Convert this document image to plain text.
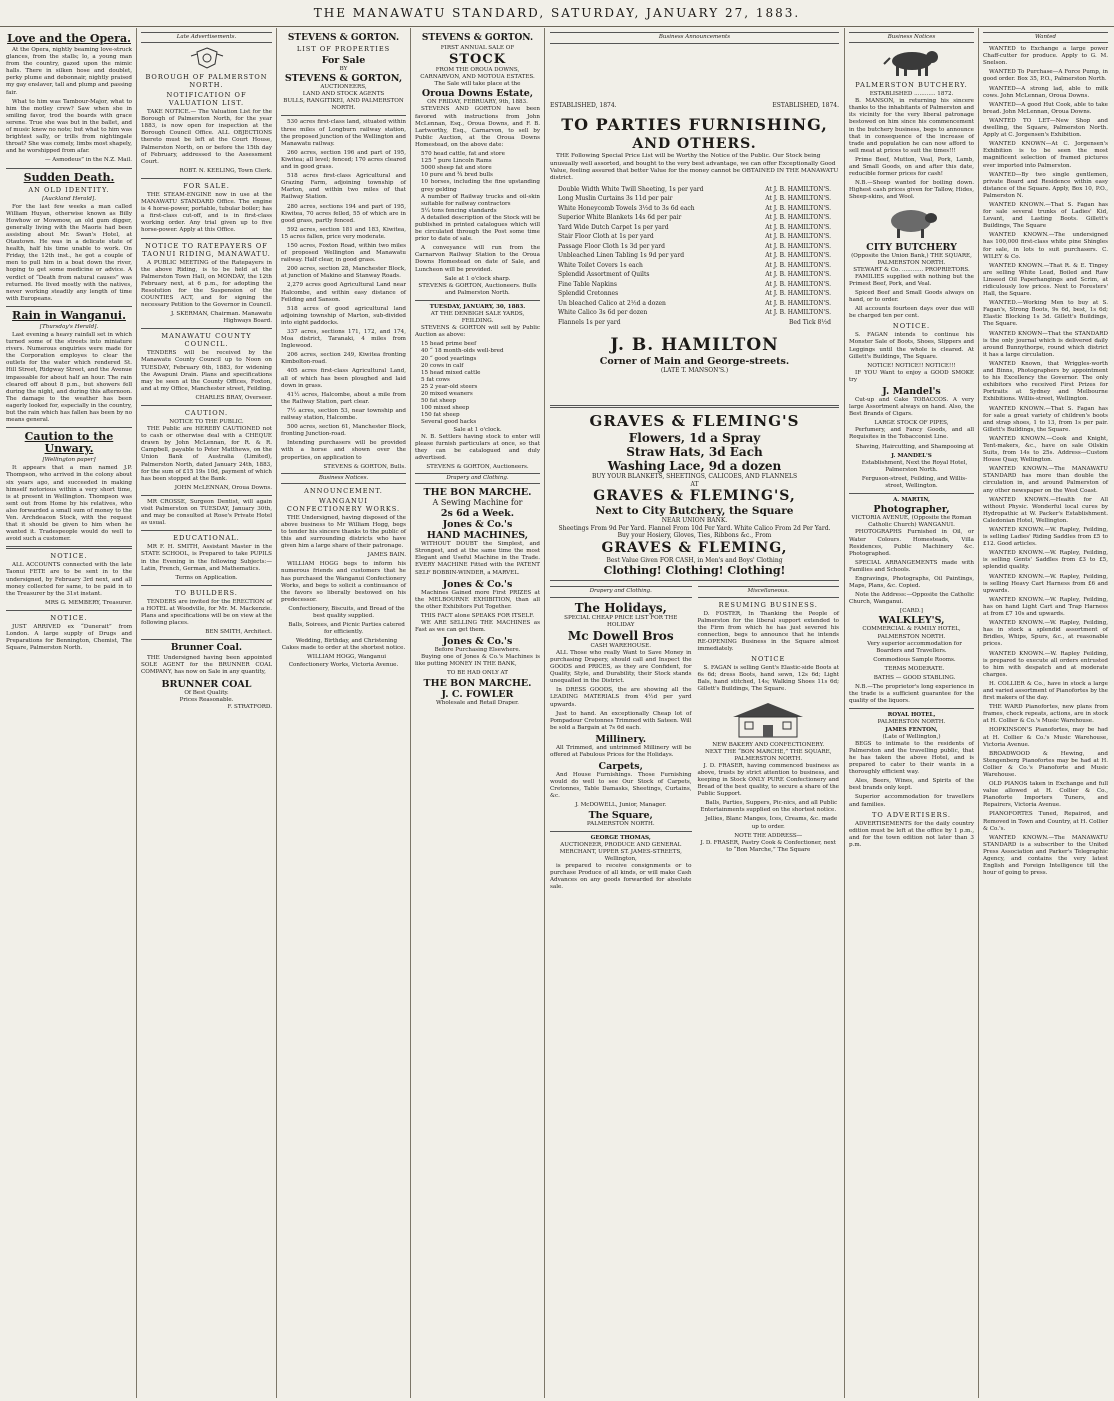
THE MANAWATU STANDARD, SATURDAY, JANUARY 27, 1883.
Love and the Opera.

At the Opera, nightly beaming love-struck glances, from the stalls; lo, a young man from the country, gazed upon the mimic halls. There in silken hose and doublet, perky plume and debonnair, nightly praised my gay enslaver, tall and plump and passing fair.

What to him was Tambour-Major, what to him the motley crew? Saw when she in smiling favor, trod the boards with grace serene. True she was but in the ballet, and of music knew no note; but what to him was brightest sally, or trills from nightingale throat? She was comely, limbs most shapely, and he worshipped from afar.

— Asmodeus” in the N.Z. Mail.

Sudden Death.
AN OLD IDENTITY.
[Auckland Herald].

For the last few weeks a man called William Huyan, otherwise known as Billy Howhow or Mowmow, an old gum digger, generally living with the Maoris had been assisting about Mr. Swan's Hotel, at Otautown. He was in a delicate state of health, half his time unable to work. On Friday, the 12th inst., he got a couple of men to pull him in a boat down the river, hoping to get some medicine or advice. A verdict of “Death from natural causes” was returned. He lived mostly with the natives, never working steadily any length of time with Europeans.

Rain in Wanganui.
[Thursday's Herald].

Last evening a heavy rainfall set in which turned some of the streets into miniature rivers. Numerous enquiries were made for the Corporation employes to clear the outlets for the water which rendered St. Hill Street, Ridgway Street, and the Avenue impassable for about half an hour. The rain cleared off about 8 p.m., but showers fell during the night, and during this afternoon. The damage to the weather has been eagerly looked for, especially in the country, but the rain which has fallen has been by no means general.

Caution to the Unwary.
[Wellington paper]

It appears that a man named J.P. Thompson, who arrived in the colony about six years ago, and succeeded in making himself notorious within a very short time, is at present in Wellington. Thompson was sent out from Home by his relatives, who also forwarded a small sum of money to the Ven. Archdeacon Stock, with the request that it should be given to him when he wanted it. Tradespeople would do well to avoid such a customer.

NOTICE.

ALL ACCOUNTS connected with the late Taonui FETE are to be sent in to the undersigned, by February 3rd next, and all money collected for same, to be paid in to the Treasurer by the 31st instant.

MRS G. MEMBERY, Treasurer.

NOTICE.

JUST ARRIVED ex “Dunerait” from London. A large supply of Drugs and Preparations for Bennington, Chemist, The Square, Palmerston North.

Late Advertisements.
BOROUGH OF PALMERSTON NORTH.
NOTIFICATION OF VALUATION LIST.

TAKE NOTICE.— The Valuation List for the Borough of Palmerston North, for the year 1883, is now open for inspection at the Borough Council Office. ALL OBJECTIONS thereto must be left at the Court House, Palmerston North, on or before the 15th day of February, addressed to the Assessment Court.

ROBT. N. KEELING, Town Clerk.

FOR SALE.

THE STEAM-ENGINE now in use at the MANAWATU STANDARD Office. The engine is 4 horse-power, portable, tubular boiler; has a first-class cut-off, and is in first-class working order. Any trial given up to five horse-power. Apply at this Office.

NOTICE TO RATEPAYERS OF TAONUI RIDING, MANAWATU.

A PUBLIC MEETING of the Ratepayers in the above Riding, is to be held at the Palmerston Town Hall, on MONDAY, the 12th February next, at 6 p.m., for adopting the Resolution for the Suspension of the COUNTIES ACT, and for signing the necessary Petition to the Governor in Council.

J. SKERMAN, Chairman. Manawatu Highways Board.

MANAWATU COUNTY COUNCIL.

TENDERS will be received by the Manawatu County Council up to Noon on TUESDAY, February 6th, 1883, for widening the Awapuni Drain. Plans and specifications may be seen at the County Offices, Foxton, and at my Office, Manchester street, Feilding.

CHARLES BRAY, Overseer.

CAUTION.
NOTICE TO THE PUBLIC.

THE Public are HEREBY CAUTIONED not to cash or otherwise deal with a CHEQUE drawn by John McLennan, for R. & R. Campbell, payable to Peter Matthews, on the Union Bank of Australia (Limited), Palmerston North, dated January 24th, 1883, for the sum of £15 19s 10d, payment of which has been stopped at the Bank.

JOHN McLENNAN, Oroua Downs.

MR CROSSE, Surgeon Dentist, will again visit Palmerston on TUESDAY, January 30th, and may be consulted at Rose's Private Hotel as usual.

EDUCATIONAL.

MR F. H. SMITH, Assistant Master in the STATE SCHOOL, is Prepared to take PUPILS in the Evening in the following Subjects:— Latin, French, German, and Mathematics.

Terms on Application.
TO BUILDERS.

TENDERS are invited for the ERECTION of a HOTEL at Woodville, for Mr. M. Mackenzie. Plans and specifications will be on view at the following places.

BEN SMITH, Architect.

Brunner Coal.

THE Undersigned having been appointed SOLE AGENT for the BRUNNER COAL COMPANY, has now on Sale in any quantity,

BRUNNER COAL
Of Best Quality.
Prices Reasonable.

F. STRATFORD.

STEVENS & GORTON.
LIST OF PROPERTIES
For Sale
BY
STEVENS & GORTON,
AUCTIONEERS,
LAND AND STOCK AGENTS
BULLS, RANGITIKEI, AND PALMERSTON NORTH.

530 acres first-class land, situated within three miles of Longburn railway station, the proposed junction of the Wellington and Manawatu railway.

260 acres, section 196 and part of 195, Kiwitea; all level; fenced; 170 acres cleared and in good grass.

518 acres first-class Agricultural and Grazing Farm, adjoining township of Marton, and within two miles of that Railway Station.

280 acres, sections 194 and part of 195, Kiwitea, 70 acres felled, 55 of which are in good grass, partly fenced.

592 acres, section 181 and 183, Kiwitea, 15 acres fallen, price very moderate.

150 acres, Foxton Road, within two miles of proposed Wellington and Manawatu railway. Half clear, in good grass.

200 acres, section 28, Manchester Block, at junction of Makino and Stanway Roads.

2,279 acres good Agricultural Land near Halcombe, and within easy distance of Feilding and Sanson.

518 acres of good agricultural land adjoining township of Marton, sub-divided into eight paddocks.

337 acres, sections 171, 172, and 174, Moa district, Taranaki, 4 miles from Inglewood.

206 acres, section 249, Kiwitea fronting Kimbolton-road.

405 acres first-class Agricultural Land, all of which has been ploughed and laid down in grass.

41½ acres, Halcombe, about a mile from the Railway Station, part clear.

7½ acres, section 53, near township and railway station, Halcombe.

500 acres, section 61, Manchester Block, fronting Junction-road.

Intending purchasers will be provided with a horse and shown over the properties, on application to

STEVENS & GORTON, Bulls.

Business Notices.
ANNOUNCEMENT.
WANGANUI CONFECTIONERY WORKS.

THE Undersigned, having disposed of the above business to Mr William Hogg, begs to tender his sincere thanks to the public of this and surrounding districts who have given him a large share of their patronage.

JAMES BAIN.

WILLIAM HOGG begs to inform his numerous friends and customers that he has purchased the Wanganui Confectionery Works, and begs to solicit a continuance of the favors so liberally bestowed on his predecessor.

Confectionery, Biscuits, and Bread of the best quality supplied.

Balls, Soirees, and Picnic Parties catered for efficiently.

Wedding, Birthday, and Christening Cakes made to order at the shortest notice.

WILLIAM HOGG, Wanganui Confectionery Works, Victoria Avenue.

STEVENS & GORTON.
FIRST ANNUAL SALE OF
STOCK
FROM THE OROUA DOWNS, CARNARVON, AND MOTOUA ESTATES.
The Sale will take place at the
Oroua Downs Estate,
ON FRIDAY, FEBRUARY, 9th, 1883.

STEVENS AND GORTON have been favored with instructions from John McLennan, Esq., Oroua Downs, and F. B. Lartworthy, Esq., Carnarvon, to sell by Public Auction, at the Oroua Downs Homestead, on the above date:

570 head cattle, fat and store

125 “ pure Lincoln Rams

5000 sheep fat and store

10 pure and ¾ bred bulls

10 horses, including the fine upstanding grey gelding

A number of Railway trucks and oil-skin suitable for railway contractors

5¼ tons fencing standards

A detailed description of the Stock will be published in printed catalogues which will be circulated through the Post some time prior to date of sale.

A conveyance will run from the Carnarvon Railway Station to the Oroua Downs Homestead on date of Sale, and Luncheon will be provided.

Sale at 1 o'clock sharp.
STEVENS & GORTON, Auctioneers. Bulls and Palmerston North.
TUESDAY, JANUARY, 30, 1883.
AT THE DENBIGH SALE YARDS, FEILDING.

STEVENS & GORTON will sell by Public Auction as above:

15 head prime beef

40 “ 18 month-olds well-bred

20 “ good yearlings

20 cows in calf

15 head mixed cattle

5 fat cows

25 2 year-old steers

20 mixed weaners

50 fat sheep

100 mixed sheep

150 fat sheep

Several good hacks

Sale at 1 o'clock.

N. B. Settlers having stock to enter will please furnish particulars at once, so that they can be catalogued and duly advertised.

STEVENS & GORTON, Auctioneers.
Drapery and Clothing.
THE BON MARCHE.
A Sewing Machine for
2s 6d a Week.
Jones & Co.'s
HAND MACHINES,

WITHOUT DOUBT the Simplest, and Strongest, and at the same time the most Elegant and Useful Machine in the Trade. EVERY MACHINE Fitted with the PATENT SELF BOBBIN-WINDER, a MARVEL.

Jones & Co.'s

Machines Gained more First PRIZES at the MELBOURNE EXHIBITION, than all the other Exhibitors Put Together.

THIS FACT alone SPEAKS FOR ITSELF.

WE ARE SELLING THE MACHINES as Fast as we can get them.

Jones & Co.'s
Before Purchasing Elsewhere.

Buying one of Jones & Co.'s Machines is like putting MONEY IN THE BANK,

TO BE HAD ONLY AT
THE BON MARCHE.
J. C. FOWLER
Wholesale and Retail Draper.
Business Announcements
ESTABLISHED, 1874.	ESTABLISHED, 1874.
TO PARTIES FURNISHING,
AND OTHERS.

THE Following Special Price List will be Worthy the Notice of the Public. Our Stock being unusually well assorted, and bought to the very best advantage, we can offer Exceptionally Good Value, feeling assured that better Value for the money cannot be OBTAINED IN THE MANAWATU district.

Double Width White Twill Sheeting, 1s per yard	At J. B. HAMILTON'S.
Long Muslin Curtains 3s 11d per pair	At J. B. HAMILTON'S.
White Honeycomb Towels 3½d to 3s 6d each	At J. B. HAMILTON'S.
Superior White Blankets 14s 6d per pair	At J. B. HAMILTON'S.
Yard Wide Dutch Carpet 1s per yard	At J. B. HAMILTON'S.
Stair Floor Cloth at 1s per yard	At J. B. HAMILTON'S.
Passage Floor Cloth 1s 3d per yard	At J. B. HAMILTON'S.
Unbleached Linen Tabling 1s 9d per yard	At J. B. HAMILTON'S.
White Toilet Covers 1s each	At J. B. HAMILTON'S.
Splendid Assortment of Quilts	At J. B. HAMILTON'S.
Fine Table Napkins	At J. B. HAMILTON'S.
Splendid Cretonnes	At J. B. HAMILTON'S.
Un bleached Calico at 2½d a dozen	At J. B. HAMILTON'S.
White Calico 3s 6d per dozen	At J. B. HAMILTON'S.
Flannels 1s per yard	Bed Tick 8½d
J. B. HAMILTON
Corner of Main and George-streets.
(LATE T. MANSON'S.)
GRAVES & FLEMING'S
Flowers, 1d a Spray
Straw Hats, 3d Each
Washing Lace, 9d a dozen
BUY YOUR BLANKETS, SHEETINGS, CALICOES, AND FLANNELS
AT
GRAVES & FLEMING'S,
Next to City Butchery, the Square
NEAR UNION BANK.
Sheetings From 9d Per Yard. Flannel From 10d Per Yard. White Calico From 2d Per Yard.
Buy your Hosiery, Gloves, Ties, Ribbons &c., From
GRAVES & FLEMING,
Best Value Given FOR CASH, in Men's and Boys' Clothing
Clothing! Clothing! Clothing!
Drapery and Clothing.
The Holidays,
SPECIAL CHEAP PRICE LIST FOR THE HOLIDAY
Mc Dowell Bros
CASH WAREHOUSE.

ALL Those who really Want to Save Money in purchasing Drapery, should call and Inspect the GOODS and PRICES, as they are Confident, for Quality, Style, and Durability, their Stock stands unequalled in the District.

In DRESS GOODS, the are showing all the LEADING MATERIALS from 4½d per yard upwards.

Just to hand. An exceptionally Cheap lot of Pompadour Cretonnes Trimmed with Sateen. Will be sold a Bargain at 7s 6d each.

Millinery.

All Trimmed, and untrimmed Millinery will be offered at Fabulous Prices for the Holidays.

Carpets,

And House Furnishings. Those Furnishing would do well to see Our Stock of Carpets, Cretonnes, Table Damasks, Sheetings, Curtains, &c.

J. McDOWELL, Junior, Manager.
The Square,
PALMERSTON NORTH.
GEORGE THOMAS,
AUCTIONEER, PRODUCE AND GENERAL MERCHANT, UPPER ST. JAMES-STREETS, Wellington,

is prepared to receive consignments or to purchase Produce of all kinds, or will make Cash Advances on any goods forwarded for absolute sale.

Miscellaneous.
RESUMING BUSINESS.

D. FOSTER, In Thanking the People of Palmerston for the liberal support extended to the Firm from which he has just severed his connection, begs to announce that he intends RE-OPENING Business in the Square almost immediately.

NOTICE

S. FAGAN is selling Gent's Elastic-side Boots at 6s 6d; dress Boots, hand sewn, 12s 6d; Light Bals, hand stitched, 14s; Walking Shoes 11s 6d; Gillett's Buildings, The Square.

NEW BAKERY AND CONFECTIONERY.
NEXT THE “BON MARCHE,” THE SQUARE, PALMERSTON NORTH.

J. D. FRASER, having commenced business as above, trusts by strict attention to business, and keeping in Stock ONLY PURE Confectionery and Bread of the best quality, to secure a share of the Public Support.

Balls, Parties, Suppers, Pic-nics, and all Public Entertainments supplied on the shortest notice.

Jellies, Blanc Manges, Ices, Creams, &c. made up to order.

NOTE THE ADDRESS—
J. D. FRASER, Pastry Cook & Confectioner, next to “Bon Marche,” The Square
Business Notices
PALMERSTON BUTCHERY.
ESTABLISHED ............ 1872.

B. MANSON, in returning his sincere thanks to the inhabitants of Palmerston and its vicinity for the very liberal patronage bestowed on him since his commencement in the butchery business, begs to announce that in consequence of the increase of trade and population he can now afford to sell meat at prices to suit the times!!!

Prime Beef, Mutton, Veal, Pork, Lamb, and Small Goods, on and after this date, reducible former prices for cash!

N.B.—Sheep wanted for boiling down. Highest cash prices given for Tallow, Hides, Sheep-skins, and Wool.

CITY BUTCHERY
(Opposite the Union Bank,) THE SQUARE, PALMERSTON NORTH.
STEWART & Co. ............ PROPRIETORS.

FAMILIES supplied with nothing but the Primest Beef, Pork, and Veal.

Spiced Beef and Small Goods always on hand, or to order.

All accounts fourteen days over due will be charged ten per cent.

NOTICE.

S. FAGAN intends to continue his Monster Sale of Boots, Shoes, Slippers and Leggings until the whole is cleared. At Gillett's Buildings, The Square.

NOTICE! NOTICE!! NOTICE!!!

IF YOU Want to enjoy a GOOD SMOKE try

J. Mandel's

Cut-up and Cake TOBACCOS. A very large Assortment always on hand. Also, the Best Brands of Cigars.

LARGE STOCK OF PIPES,

Perfumery, and Fancy Goods, and all Requisites in the Tobacconist Line.

Shaving, Haircutting, and Shampooing at

J. MANDEL'S

Establishment, Next the Royal Hotel, Palmerston North.

Ferguson-street, Feilding, and Willis-street, Wellington.

A. MARTIN,
Photographer,
VICTORIA AVENUE, (Opposite the Roman Catholic Church) WANGANUI.

PHOTOGRAPHS Furnished in Oil, or Water Colours. Homesteads, Villa Residences, Public Machinery &c. Photographed.

SPECIAL ARRANGEMENTS made with Families and Schools.

Engravings, Photographs, Oil Paintings, Maps, Plans, &c. Copied.

Note the Address:—Opposite the Catholic Church, Wanganui.

[CARD.]
WALKLEY'S,
COMMERCIAL & FAMILY HOTEL, PALMERSTON NORTH.

Very superior accommodation for Boarders and Travellers.

Commodious Sample Rooms.

TERMS MODERATE.

BATHS — GOOD STABLING.

N.B.—The proprietor's long experience in the trade is a sufficient guarantee for the quality of the liquors.

ROYAL HOTEL,
PALMERSTON NORTH.
JAMES FENTON,
(Late of Wellington,)

BEGS to intimate to the residents of Palmerston and the travelling public, that he has taken the above Hotel, and is prepared to cater to their wants in a thoroughly efficient way.

Ales, Beers, Wines, and Spirits of the best brands only kept.

Superior accommodation for travellers and families.

TO ADVERTISERS.

ADVERTISEMENTS for the daily country edition must be left at the office by 1 p.m., and for the town edition not later than 3 p.m.

Wanted

WANTED to Exchange a large power Chaff-cutter for produce. Apply to G. M. Snelson.

WANTED To Purchase—A Force Pump, in good order. Box 35, P.O., Palmerston North.

WANTED—A strong lad, able to milk cows. John McLennan, Oroua Downs.

WANTED—A good Hut Cook, able to take bread. John McLennan, Oroua Downs.

WANTED TO LET—New Shop and dwelling, the Square, Palmerston North. Apply at C. Jorgensen's Exhibition.

WANTED KNOWN—At C. Jorgensen's Exhibition is to be seen the most magnificent selection of framed pictures ever imported into Palmerston.

WANTED—By two single gentlemen, private Board and Residence within easy distance of the Square. Apply, Box 10, P.O., Palmerston N.

WANTED KNOWN.—That S. Fagan has for sale several trunks of Ladies' Kid, Levant, and Lasting Boots. Gillett's Buildings, The Square

WANTED KNOWN.—The undersigned has 100,000 first-class white pine Shingles for sale, in lots to suit purchasers. C. WILEY & Co.

WANTED KNOWN.—That R. & E. Tingey are selling White Lead, Boiled and Raw Linseed Oil Paperhangings and Scrim, at ridiculously low prices. Next to Foresters' Hall, the Square.

WANTED.—Working Men to buy at S. Fagan's, Strong Boots, 9s 6d, best, 1s 6d; Elastic Blocking 1s 3d. Gillett's Buildings, The Square.

WANTED KNOWN—That the STANDARD is the only journal which is delivered daily around Bunnythorpe, round which district it has a large circulation.

WANTED Known, that Wriggles-worth and Binns, Photographers by appointment to his Excellency the Governor. The only exhibitors who received First Prizes for Portraits at Sydney and Melbourne Exhibitions. Willis-street, Wellington.

WANTED KNOWN.—That S. Fagan has for sale a great variety of children's boots and strap shoes, 1 to 13, from 1s per pair. Gillett's Buildings, the Square.

WANTED KNOWN.—Cook and Knight, Tent-makers, &c., have on sale Oilskin Suits, from 14s to 25s. Address—Custom House Quay, Wellington.

WANTED KNOWN.—The MANAWATU STANDARD has more than double the circulation in, and around Palmerston of any other newspaper on the West Coast.

WANTED KNOWN.—Health for All without Physic. Wonderful local cures by Hydropathic at W. Packer's Establishment. Caledonian Hotel, Wellington.

WANTED KNOWN.—W. Rapley, Feilding, is selling Ladies' Riding Saddles from £5 to £12. Good articles.

WANTED KNOWN.—W. Rapley, Feilding, is selling Gents' Saddles from £3 to £5, splendid quality.

WANTED KNOWN.—W. Rapley, Feilding, is selling Heavy Cart Harness from £6 and upwards.

WANTED KNOWN.—W. Rapley, Feilding, has on hand Light Cart and Trap Harness at from £7 10s and upwards.

WANTED KNOWN.—W. Rapley, Feilding, has in stock a splendid assortment of Bridles, Whips, Spurs, &c., at reasonable prices.

WANTED KNOWN.—W. Rapley Feilding, is prepared to execute all orders entrusted to him with despatch and at moderate charges.

H. COLLIER & Co., have in stock a large and varied assortment of Pianofortes by the first makers of the day.

THE WARD Pianofortes, new plans from frames, check repeats, actions, are in stock at H. Collier & Co.'s Music Warehouse.

HOPKINSON'S Pianofortes, may be had at H. Collier & Co.'s Music Warehouse, Victoria Avenue.

BROADWOOD & Hewing, and Stengenberg Pianofortes may be had at H. Collier & Co.'s Pianoforte and Music Warehouse.

OLD PIANOS taken in Exchange and full value allowed at H. Collier & Co., Pianoforte Importers Tuners, and Repairers, Victoria Avenue.

PIANOFORTES Tuned, Repaired, and Removed in Town and Country, at H. Collier & Co.'s.

WANTED KNOWN.—The MANAWATU STANDARD is a subscriber to the United Press Association and Parker's Telegraphic Agency, and contains the very latest English and Foreign Intelligence till the hour of going to press.
